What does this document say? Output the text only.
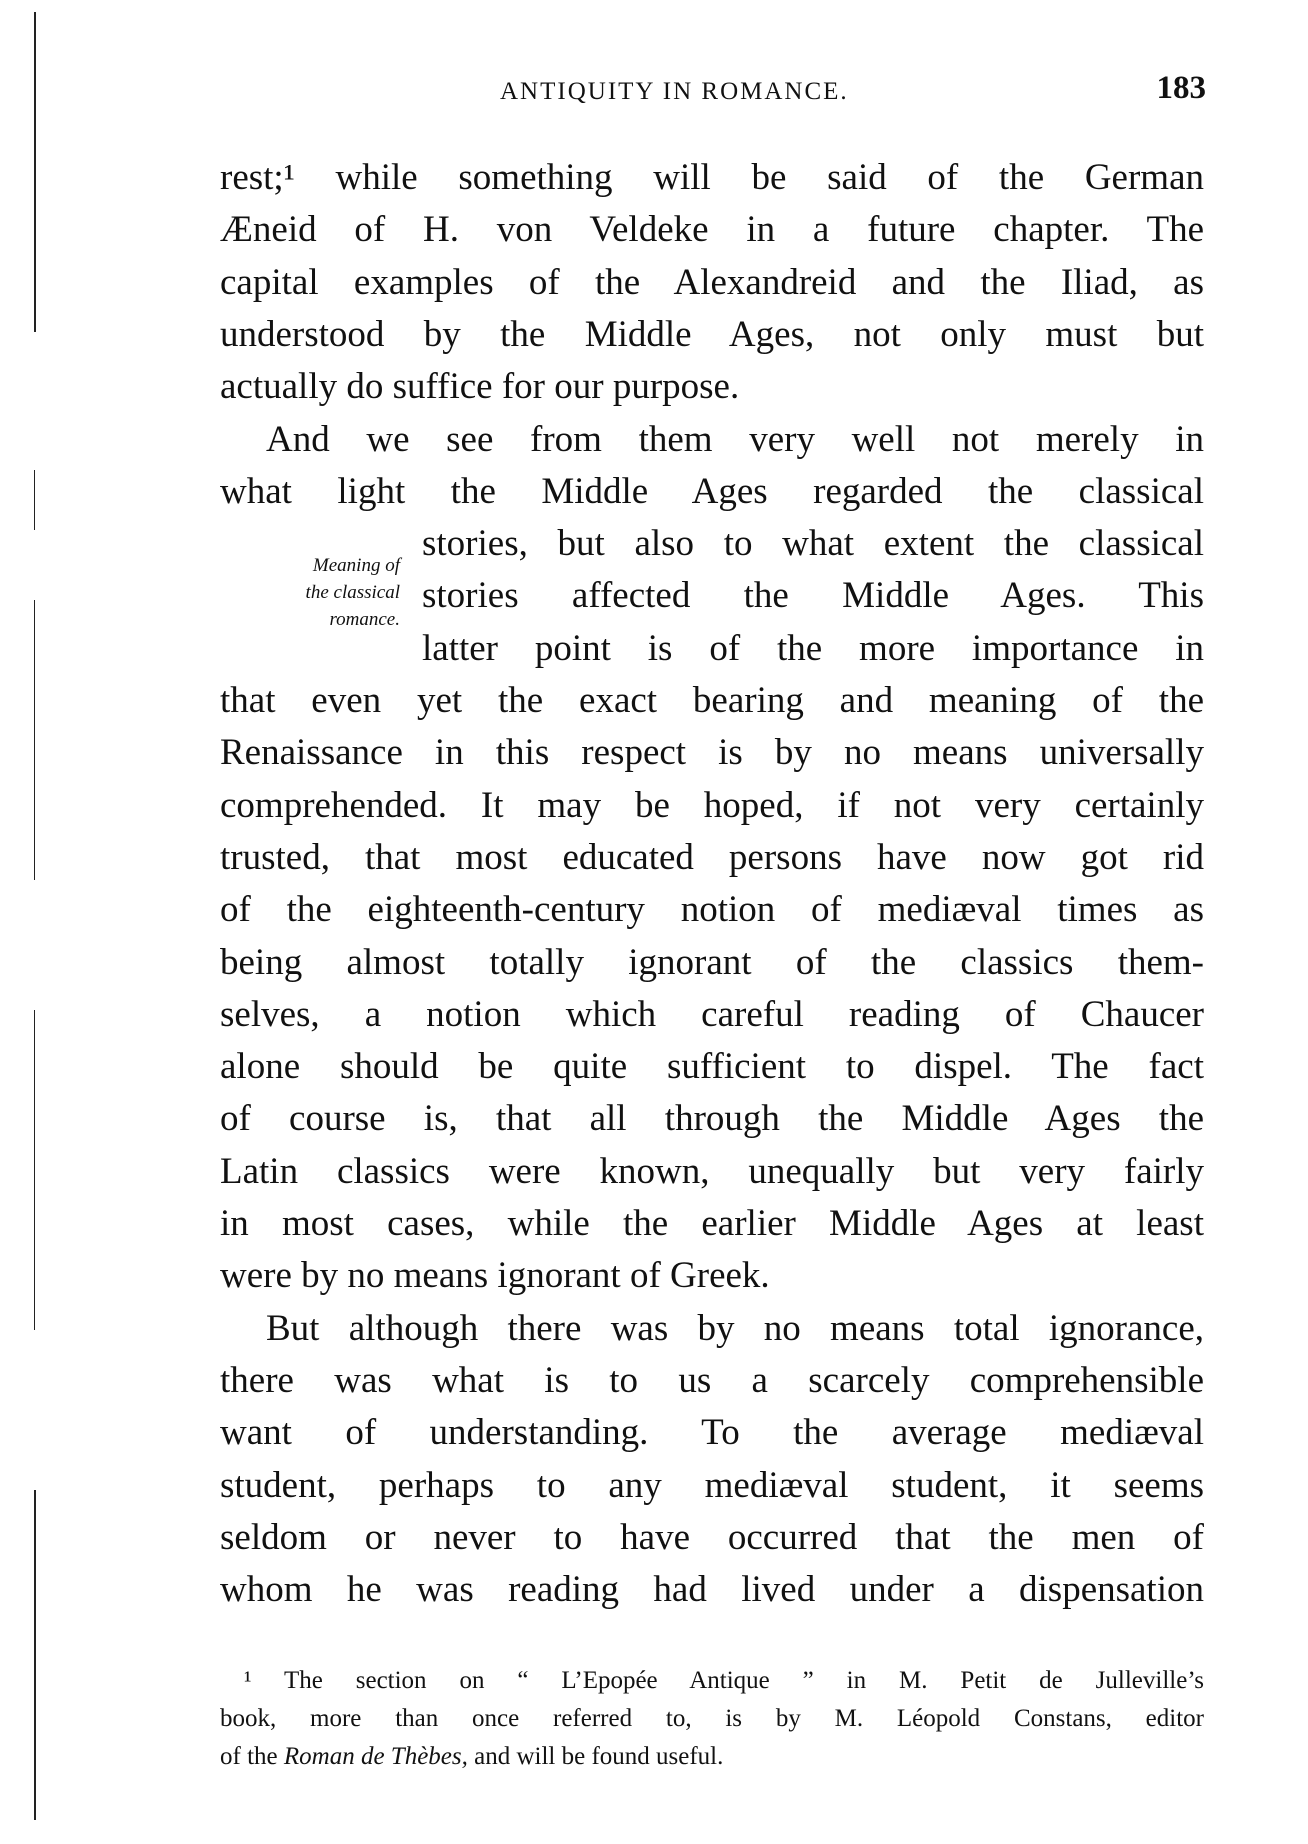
ANTIQUITY IN ROMANCE.	183
Meaning of
the classical
romance.
rest;¹ while something will be said of the German
Æneid of H. von Veldeke in a future chapter. The
capital examples of the Alexandreid and the Iliad, as
understood by the Middle Ages, not only must but
actually do suffice for our purpose.
And we see from them very well not merely in
what light the Middle Ages regarded the classical
stories, but also to what extent the classical
stories affected the Middle Ages. This
latter point is of the more importance in
that even yet the exact bearing and meaning of the
Renaissance in this respect is by no means universally
comprehended. It may be hoped, if not very certainly
trusted, that most educated persons have now got rid
of the eighteenth-century notion of mediæval times as
being almost totally ignorant of the classics them-
selves, a notion which careful reading of Chaucer
alone should be quite sufficient to dispel. The fact
of course is, that all through the Middle Ages the
Latin classics were known, unequally but very fairly
in most cases, while the earlier Middle Ages at least
were by no means ignorant of Greek.
But although there was by no means total ignorance,
there was what is to us a scarcely comprehensible
want of understanding. To the average mediæval
student, perhaps to any mediæval student, it seems
seldom or never to have occurred that the men of
whom he was reading had lived under a dispensation
¹ The section on “ L’Epopée Antique ” in M. Petit de Julleville’s
book, more than once referred to, is by M. Léopold Constans, editor
of the Roman de Thèbes, and will be found useful.
